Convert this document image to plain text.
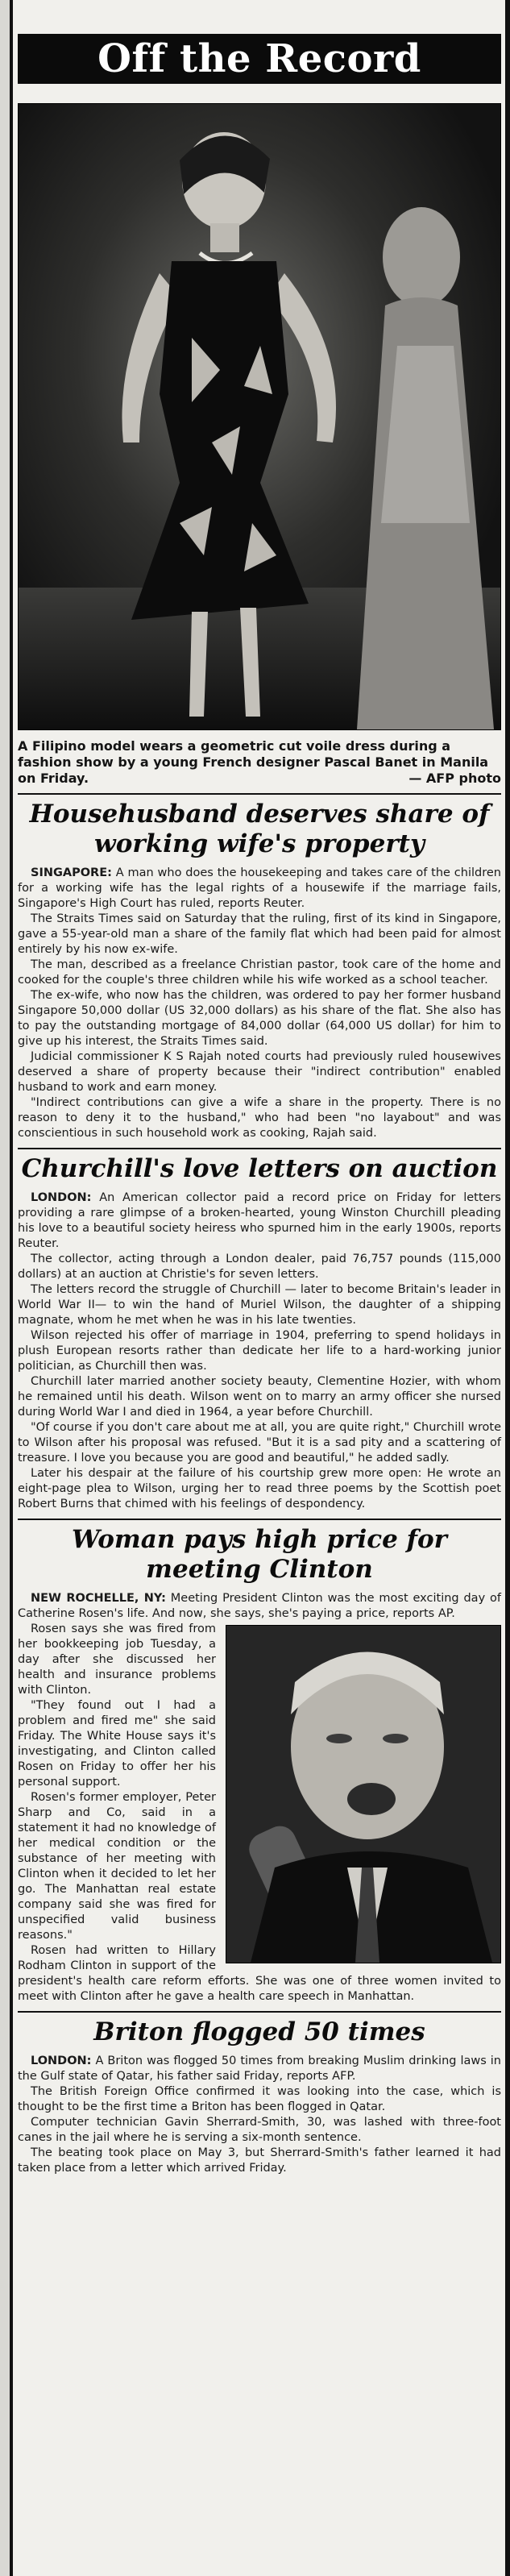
Off the Record
A Filipino model wears a geometric cut voile dress during a fashion show by a young French designer Pascal Banet in Manila on Friday.	— AFP photo
Househusband deserves share of working wife's property

SINGAPORE: A man who does the housekeeping and takes care of the children for a working wife has the legal rights of a housewife if the marriage fails, Singapore's High Court has ruled, reports Reuter.

The Straits Times said on Saturday that the ruling, first of its kind in Singapore, gave a 55-year-old man a share of the family flat which had been paid for almost entirely by his now ex-wife.

The man, described as a freelance Christian pastor, took care of the home and cooked for the couple's three children while his wife worked as a school teacher.

The ex-wife, who now has the children, was ordered to pay her former husband Singapore 50,000 dollar (US 32,000 dollars) as his share of the flat. She also has to pay the outstanding mortgage of 84,000 dollar (64,000 US dollar) for him to give up his interest, the Straits Times said.

Judicial commissioner K S Rajah noted courts had previously ruled housewives deserved a share of property because their "indirect contribution" enabled husband to work and earn money.

"Indirect contributions can give a wife a share in the property. There is no reason to deny it to the husband," who had been "no layabout" and was conscientious in such household work as cooking, Rajah said.

Churchill's love letters on auction

LONDON: An American collector paid a record price on Friday for letters providing a rare glimpse of a broken-hearted, young Winston Churchill pleading his love to a beautiful society heiress who spurned him in the early 1900s, reports Reuter.

The collector, acting through a London dealer, paid 76,757 pounds (115,000 dollars) at an auction at Christie's for seven letters.

The letters record the struggle of Churchill — later to become Britain's leader in World War II— to win the hand of Muriel Wilson, the daughter of a shipping magnate, whom he met when he was in his late twenties.

Wilson rejected his offer of marriage in 1904, preferring to spend holidays in plush European resorts rather than dedicate her life to a hard-working junior politician, as Churchill then was.

Churchill later married another society beauty, Clementine Hozier, with whom he remained until his death. Wilson went on to marry an army officer she nursed during World War I and died in 1964, a year before Churchill.

"Of course if you don't care about me at all, you are quite right," Churchill wrote to Wilson after his proposal was refused. "But it is a sad pity and a scattering of treasure. I love you because you are good and beautiful," he added sadly.

Later his despair at the failure of his courtship grew more open: He wrote an eight-page plea to Wilson, urging her to read three poems by the Scottish poet Robert Burns that chimed with his feelings of despondency.

Woman pays high price for meeting Clinton

NEW ROCHELLE, NY: Meeting President Clinton was the most exciting day of Catherine Rosen's life. And now, she says, she's paying a price, reports AP.

Rosen says she was fired from her bookkeeping job Tuesday, a day after she discussed her health and insurance problems with Clinton.

"They found out I had a problem and fired me" she said Friday. The White House says it's investigating, and Clinton called Rosen on Friday to offer her his personal support.

Rosen's former employer, Peter Sharp and Co, said in a statement it had no knowledge of her medical condition or the substance of her meeting with Clinton when it decided to let her go. The Manhattan real estate company said she was fired for unspecified valid business reasons."

Rosen had written to Hillary Rodham Clinton in support of the president's health care reform efforts. She was one of three women invited to meet with Clinton after he gave a health care speech in Manhattan.

Briton flogged 50 times

LONDON: A Briton was flogged 50 times from breaking Muslim drinking laws in the Gulf state of Qatar, his father said Friday, reports AFP.

The British Foreign Office confirmed it was looking into the case, which is thought to be the first time a Briton has been flogged in Qatar.

Computer technician Gavin Sherrard-Smith, 30, was lashed with three-foot canes in the jail where he is serving a six-month sentence.

The beating took place on May 3, but Sherrard-Smith's father learned it had taken place from a letter which arrived Friday.
